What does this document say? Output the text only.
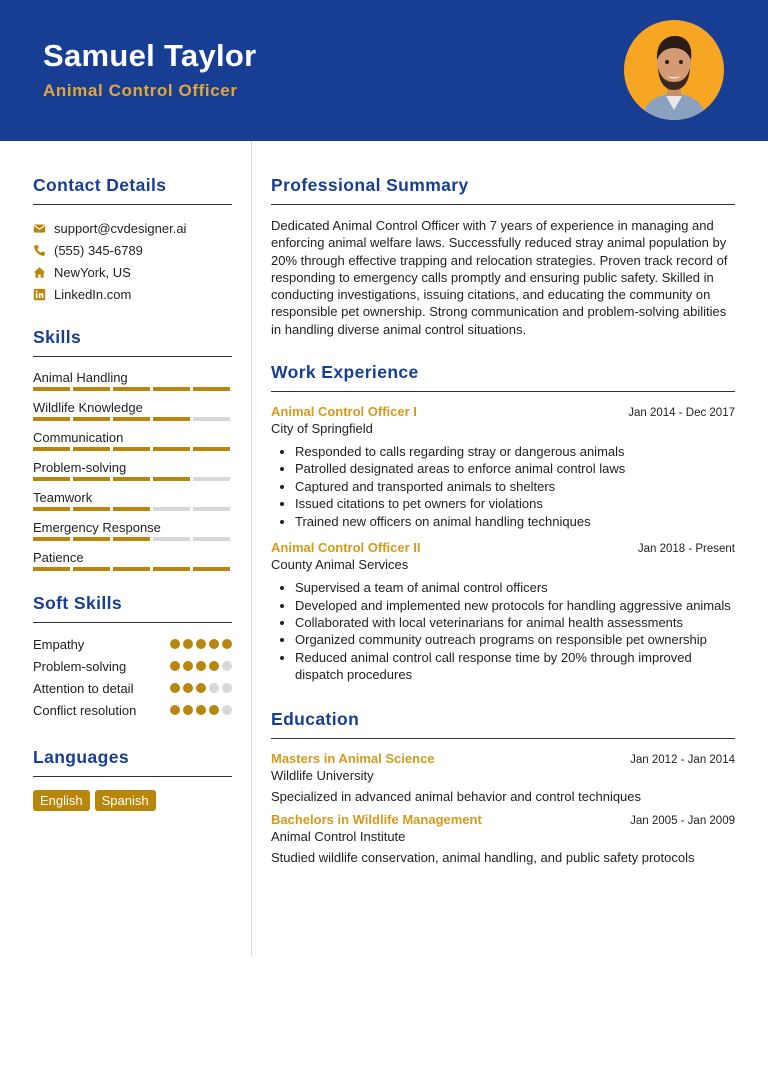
Samuel Taylor
Animal Control Officer
Contact Details
support@cvdesigner.ai
(555) 345-6789
NewYork, US
LinkedIn.com
Skills
Animal Handling
Wildlife Knowledge
Communication
Problem-solving
Teamwork
Emergency Response
Patience
Soft Skills
Empathy
Problem-solving
Attention to detail
Conflict resolution
Languages
English	Spanish
Professional Summary
Dedicated Animal Control Officer with 7 years of experience in managing and enforcing animal welfare laws. Successfully reduced stray animal population by 20% through effective trapping and relocation strategies. Proven track record of responding to emergency calls promptly and ensuring public safety. Skilled in conducting investigations, issuing citations, and educating the community on responsible pet ownership. Strong communication and problem-solving abilities in handling diverse animal control situations.
Work Experience
Animal Control Officer I	Jan 2014 - Dec 2017
City of Springfield
• Responded to calls regarding stray or dangerous animals
• Patrolled designated areas to enforce animal control laws
• Captured and transported animals to shelters
• Issued citations to pet owners for violations
• Trained new officers on animal handling techniques
Animal Control Officer II	Jan 2018 - Present
County Animal Services
• Supervised a team of animal control officers
• Developed and implemented new protocols for handling aggressive animals
• Collaborated with local veterinarians for animal health assessments
• Organized community outreach programs on responsible pet ownership
• Reduced animal control call response time by 20% through improved dispatch procedures
Education
Masters in Animal Science	Jan 2012 - Jan 2014
Wildlife University
Specialized in advanced animal behavior and control techniques
Bachelors in Wildlife Management	Jan 2005 - Jan 2009
Animal Control Institute
Studied wildlife conservation, animal handling, and public safety protocols
